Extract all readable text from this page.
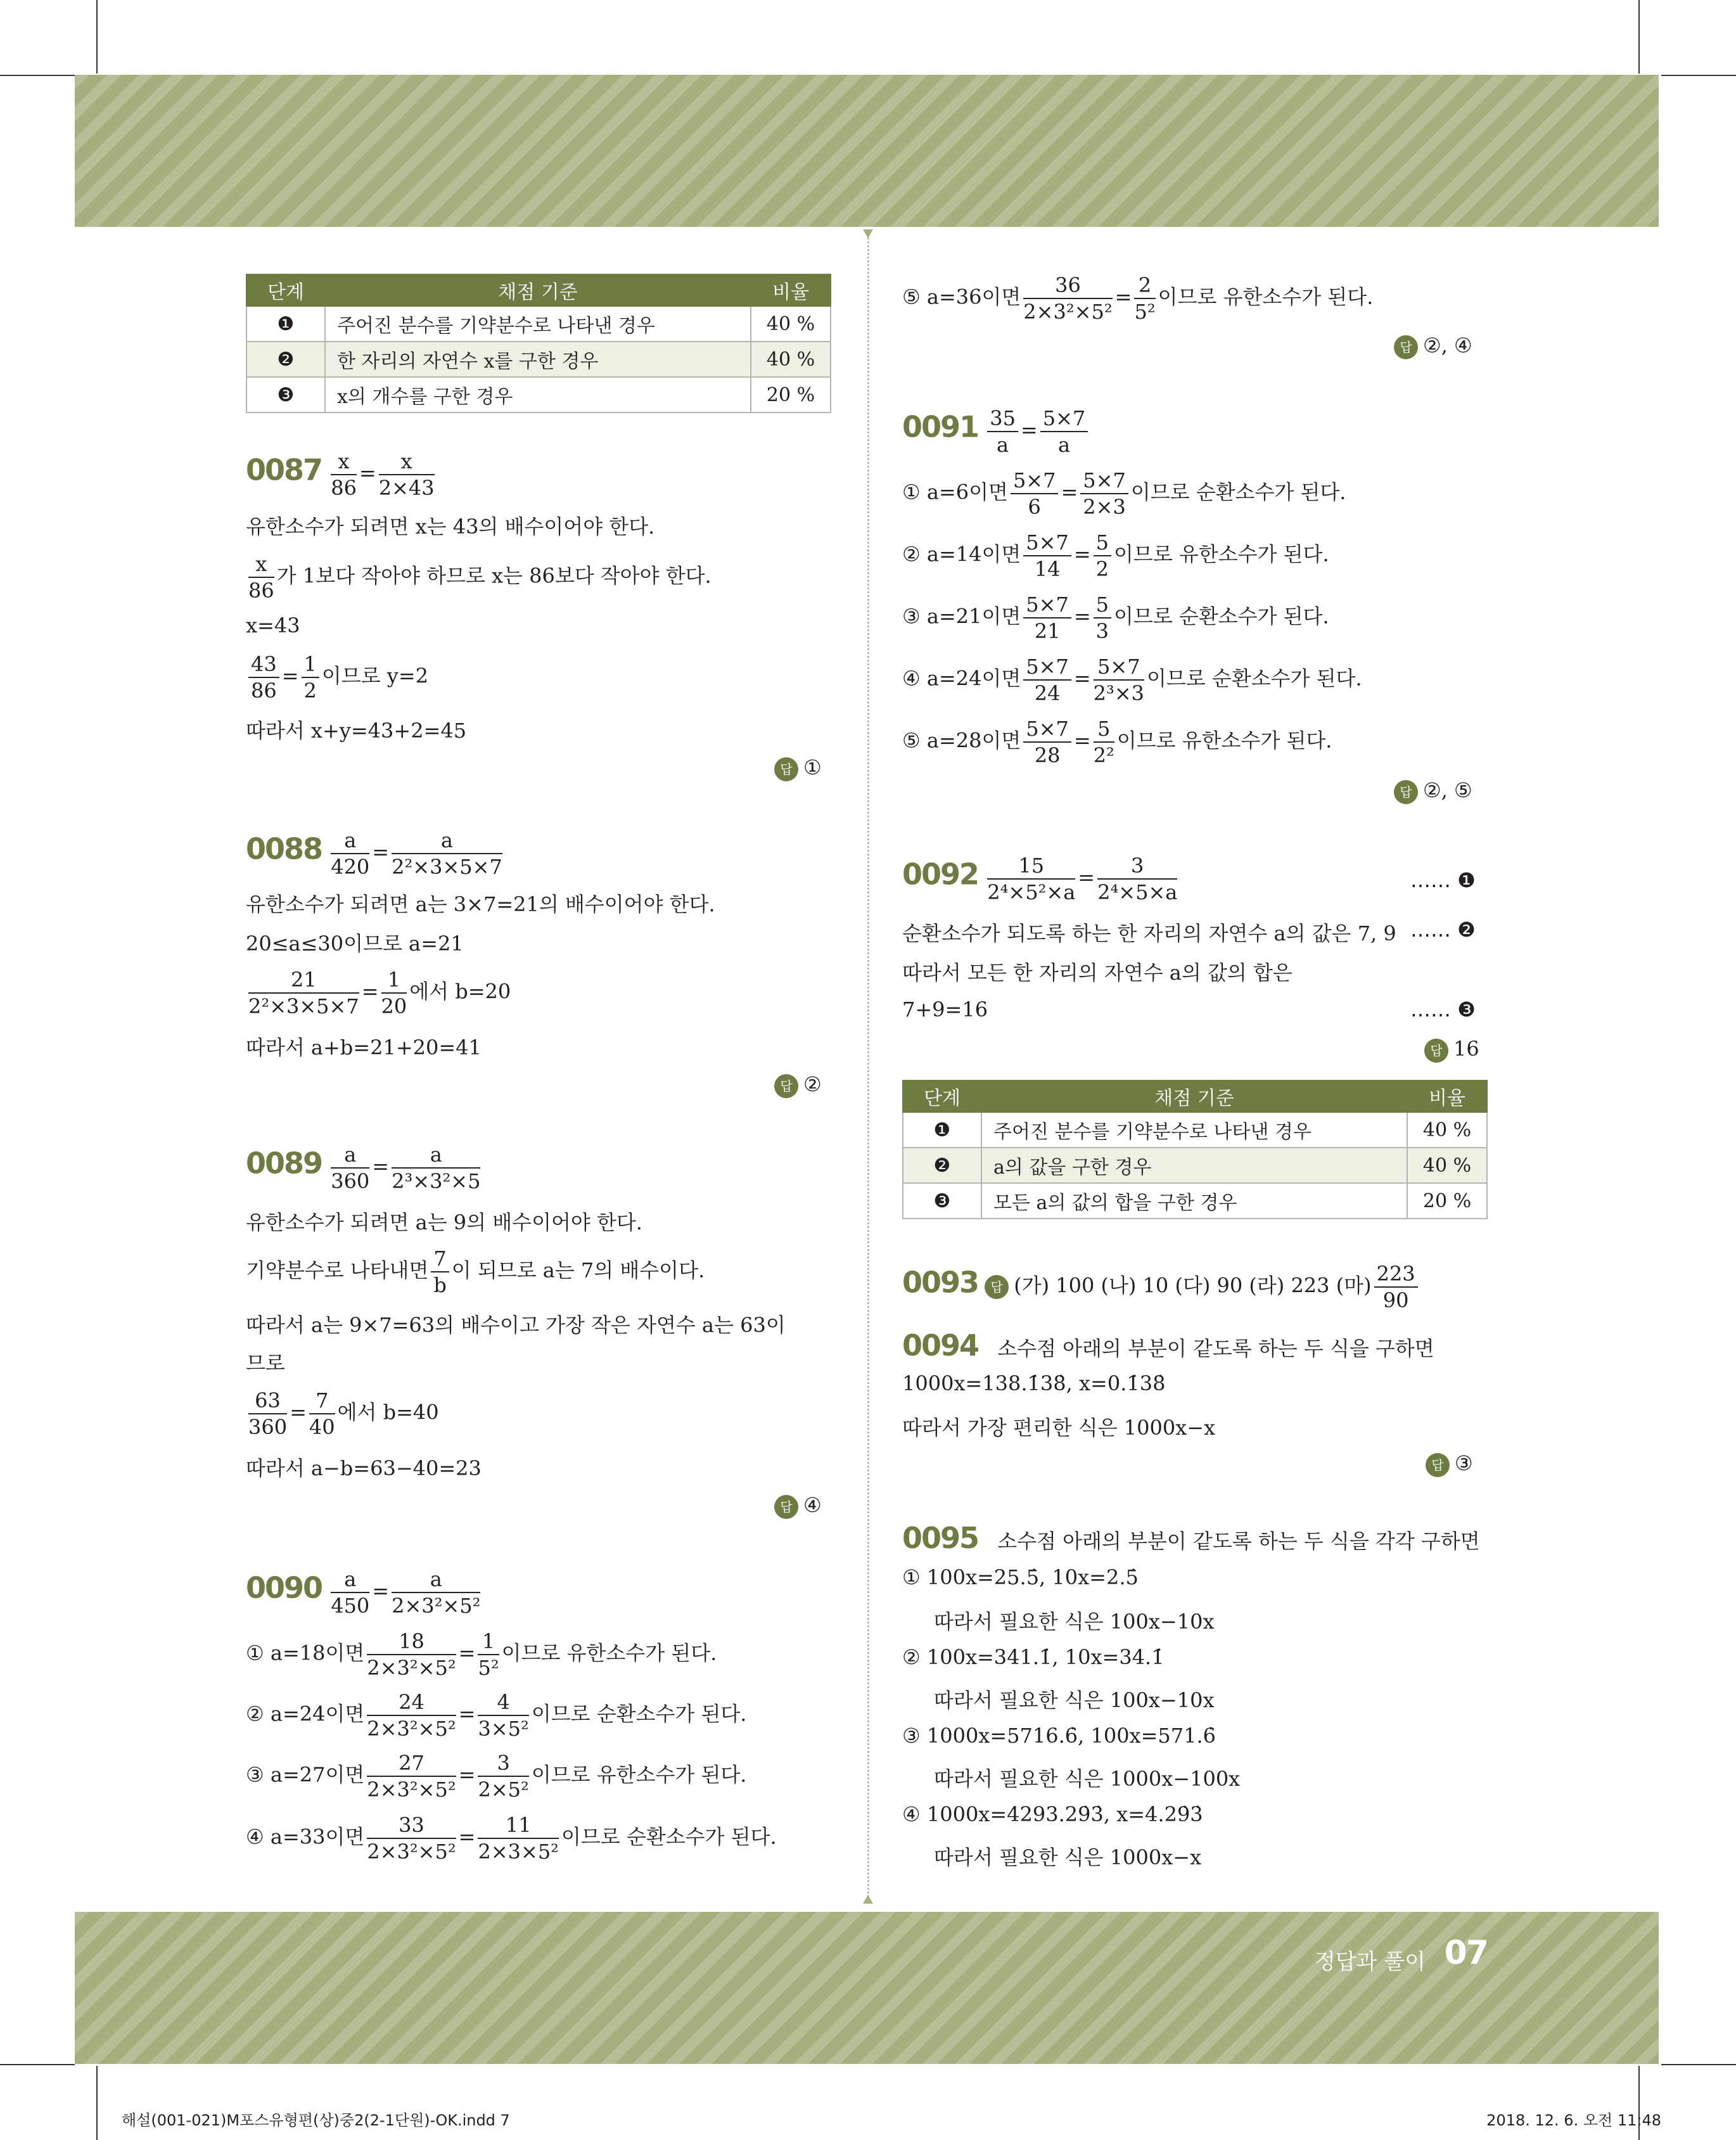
정답과 풀이 07
해설(001-021)M포스유형편(상)중2(2-1단원)-OK.indd 7	2018. 12. 6. 오전 11:48
단계	채점 기준	비율
❶	주어진 분수를 기약분수로 나타낸 경우	40 %
❷	한 자리의 자연수 x를 구한 경우	40 %
❸	x의 개수를 구한 경우	20 %
$0087 \frac{x}{86} = \frac{x}{2\times 43}$
유한소수가 되려면 x는 43의 배수이어야 한다.
$\frac{x}{86}$ 가 1보다 작아야 하므로 x는 86보다 작아야 한다.
x=43
$\frac{43}{86} = \frac{1}{2}$ 이므로 y=2
따라서 x+y=43+2=45
답 ①
$0088 \frac{a}{420} = \frac{a}{\text{2²×3×5×7}}$
유한소수가 되려면 a는 3×7=21의 배수이어야 한다.
20≤a≤30이므로 a=21
$\frac{21}{\text{2²×3×5×7}} = \frac{1}{20}$ 에서 b=20
따라서 a+b=21+20=41
답 ②
$0089 \frac{a}{360} = \frac{a}{\text{2³×3²×5}}$
유한소수가 되려면 a는 9의 배수이어야 한다.
기약분수로 나타내면 $\frac{7}{b}$ 이 되므로 a는 7의 배수이다.
따라서 a는 9×7=63의 배수이고 가장 작은 자연수 a는 63이
므로
$\frac{63}{360} = \frac{7}{40}$ 에서 b=40
따라서 a−b=63−40=23
답 ④
$0090 \frac{a}{450} = \frac{a}{\text{2×3²×5²}}$
① a=18이면 $\frac{18}{\text{2×3²×5²}} = \frac{1}{\text{5²}}$ 이므로 유한소수가 된다.
② a=24이면 $\frac{24}{\text{2×3²×5²}} = \frac{4}{\text{3×5²}}$ 이므로 순환소수가 된다.
③ a=27이면 $\frac{27}{\text{2×3²×5²}} = \frac{3}{\text{2×5²}}$ 이므로 유한소수가 된다.
④ a=33이면 $\frac{33}{\text{2×3²×5²}} = \frac{11}{\text{2×3×5²}}$ 이므로 순환소수가 된다.
⑤ a=36이면 $\frac{36}{\text{2×3²×5²}} = \frac{2}{\text{5²}}$ 이므로 유한소수가 된다.
답 ②, ④
$0091 \frac{35}{a} = \frac{5\times 7}{a}$
① a=6이면 $\frac{5\times 7}{6} = \frac{5\times 7}{2\times 3}$ 이므로 순환소수가 된다.
② a=14이면 $\frac{5\times 7}{14} = \frac{5}{2}$ 이므로 유한소수가 된다.
③ a=21이면 $\frac{5\times 7}{21} = \frac{5}{3}$ 이므로 순환소수가 된다.
④ a=24이면 $\frac{5\times 7}{24} = \frac{5\times 7}{\text{2³×3}}$ 이므로 순환소수가 된다.
⑤ a=28이면 $\frac{5\times 7}{28} = \frac{5}{\text{2²}}$ 이므로 유한소수가 된다.
답 ②, ⑤
$0092 \frac{15}{\text{2⁴×5²×a}} = \frac{3}{\text{2⁴×5×a}}$	…… ❶
순환소수가 되도록 하는 한 자리의 자연수 a의 값은 7, 9 …… ❷
따라서 모든 한 자리의 자연수 a의 값의 합은
7+9=16	…… ❸
답 16
단계	채점 기준	비율
❶	주어진 분수를 기약분수로 나타낸 경우	40 %
❷	a의 값을 구한 경우	40 %
❸	모든 a의 값의 합을 구한 경우	20 %
0093 답 (가) 100 (나) 10 (다) 90 (라) 223 (마) $\frac{223}{90}$
0094 소수점 아래의 부분이 같도록 하는 두 식을 구하면
1000x=138.1̇38̇, x=0.1̇38̇
따라서 가장 편리한 식은 1000x−x
답 ③
0095 소수점 아래의 부분이 같도록 하는 두 식을 각각 구하면
① 100x=25.5̇, 10x=2.5̇
따라서 필요한 식은 100x−10x
② 100x=341.1̇, 10x=34.1̇
따라서 필요한 식은 100x−10x
③ 1000x=5716.6̇, 100x=571.6̇
따라서 필요한 식은 1000x−100x
④ 1000x=4293.29̇3̇, x=4.29̇3̇
따라서 필요한 식은 1000x−x
